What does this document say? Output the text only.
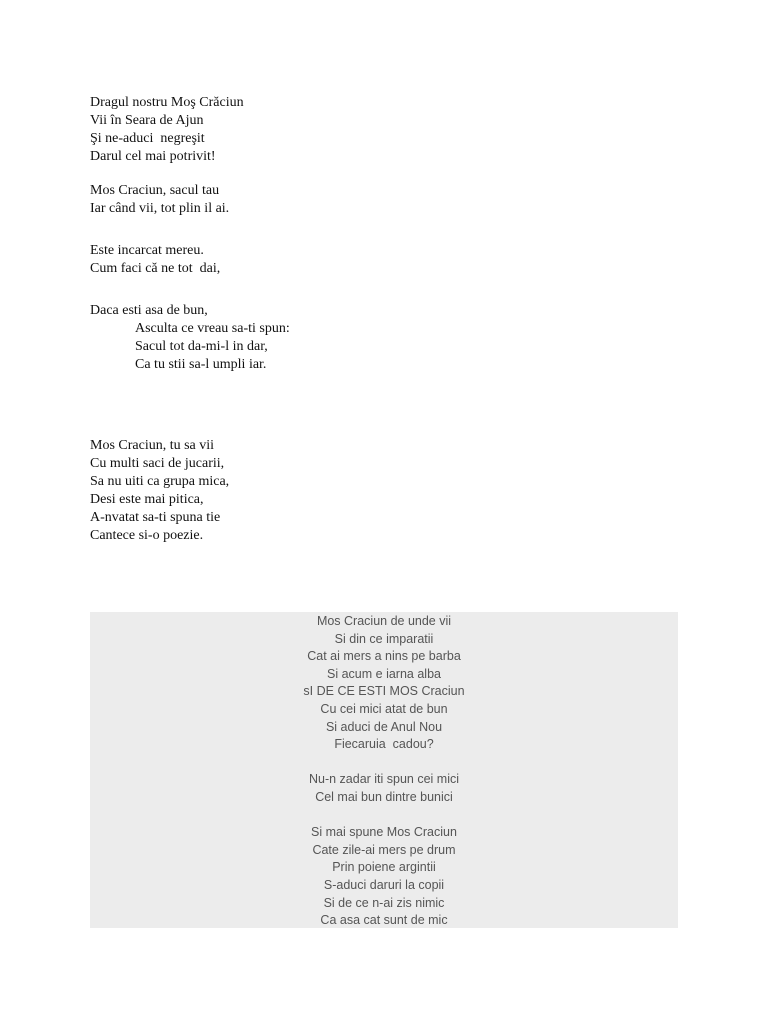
Dragul nostru Moş Crăciun
Vii în Seara de Ajun
Şi ne-aduci  negreşit
Darul cel mai potrivit!
Mos Craciun, sacul tau
Iar când vii, tot plin il ai.
Este incarcat mereu.
Cum faci că ne tot  dai,
Daca esti asa de bun,
Asculta ce vreau sa-ti spun:
Sacul tot da-mi-l in dar,
Ca tu stii sa-l umpli iar.
Mos Craciun, tu sa vii
Cu multi saci de jucarii,
Sa nu uiti ca grupa mica,
Desi este mai pitica,
A-nvatat sa-ti spuna tie
Cantece si-o poezie.
Mos Craciun de unde vii
Si din ce imparatii
Cat ai mers a nins pe barba
Si acum e iarna alba
sI DE CE ESTI MOS Craciun
Cu cei mici atat de bun
Si aduci de Anul Nou
Fiecaruia  cadou?
Nu-n zadar iti spun cei mici
Cel mai bun dintre bunici
Si mai spune Mos Craciun
Cate zile-ai mers pe drum
Prin poiene argintii
S-aduci daruri la copii
Si de ce n-ai zis nimic
Ca asa cat sunt de mic
